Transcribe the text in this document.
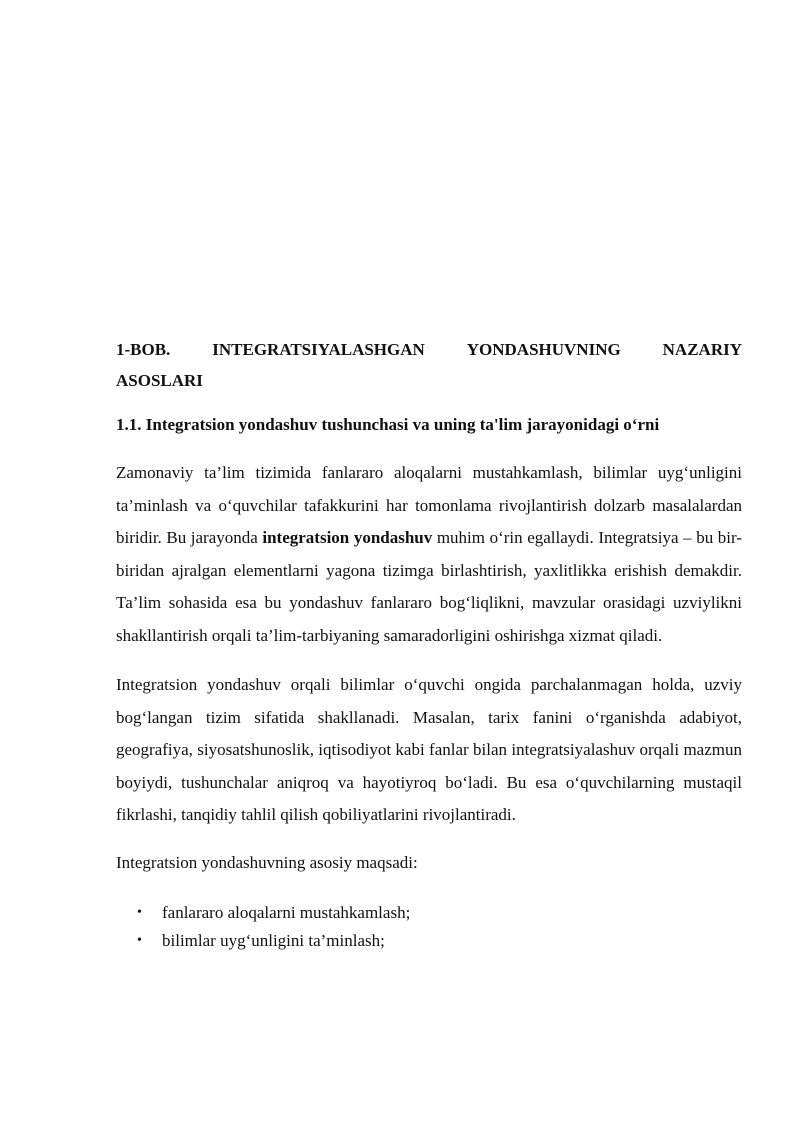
1-BOB. INTEGRATSIYALASHGAN YONDASHUVNING NAZARIY
ASOSLARI
1.1. Integratsion yondashuv tushunchasi va uning ta'lim jarayonidagi o‘rni

Zamonaviy ta’lim tizimida fanlararo aloqalarni mustahkamlash, bilimlar uyg‘unligini ta’minlash va o‘quvchilar tafakkurini har tomonlama rivojlantirish dolzarb masalalardan biridir. Bu jarayonda integratsion yondashuv muhim o‘rin egallaydi. Integratsiya – bu bir-biridan ajralgan elementlarni yagona tizimga birlashtirish, yaxlitlikka erishish demakdir. Ta’lim sohasida esa bu yondashuv fanlararo bog‘liqlikni, mavzular orasidagi uzviylikni shakllantirish orqali ta’lim-tarbiyaning samaradorligini oshirishga xizmat qiladi.

Integratsion yondashuv orqali bilimlar o‘quvchi ongida parchalanmagan holda, uzviy bog‘langan tizim sifatida shakllanadi. Masalan, tarix fanini o‘rganishda adabiyot, geografiya, siyosatshunoslik, iqtisodiyot kabi fanlar bilan integratsiyalashuv orqali mazmun boyiydi, tushunchalar aniqroq va hayotiyroq bo‘ladi. Bu esa o‘quvchilarning mustaqil fikrlashi, tanqidiy tahlil qilish qobiliyatlarini rivojlantiradi.

Integratsion yondashuvning asosiy maqsadi:

• fanlararo aloqalarni mustahkamlash;
• bilimlar uyg‘unligini ta’minlash;
